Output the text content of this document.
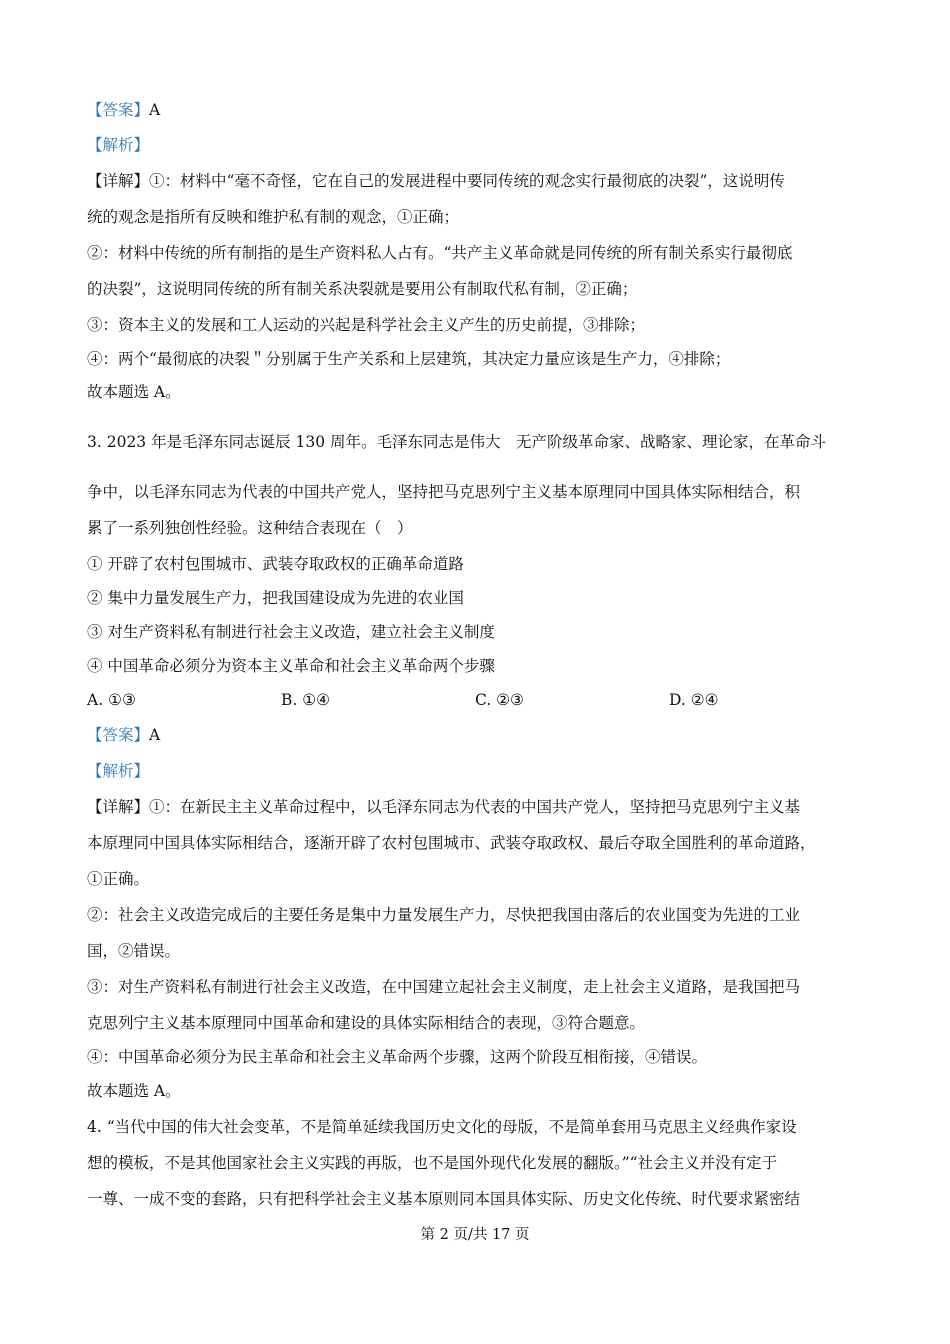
【答案】A
【解析】
【详解】①：材料中“毫不奇怪，它在自己的发展进程中要同传统的观念实行最彻底的决裂”，这说明传
统的观念是指所有反映和维护私有制的观念，①正确；
②：材料中传统的所有制指的是生产资料私人占有。“共产主义革命就是同传统的所有制关系实行最彻底
的决裂”，这说明同传统的所有制关系决裂就是要用公有制取代私有制，②正确；
③：资本主义的发展和工人运动的兴起是科学社会主义产生的历史前提，③排除；
④：两个“最彻底的决裂＂分别属于生产关系和上层建筑，其决定力量应该是生产力，④排除；
故本题选 A。
3. 2023 年是毛泽东同志诞辰 130 周年。毛泽东同志是伟大　无产阶级革命家、战略家、理论家，在革命斗
争中，以毛泽东同志为代表的中国共产党人，坚持把马克思列宁主义基本原理同中国具体实际相结合，积
累了一系列独创性经验。这种结合表现在（　）
① 开辟了农村包围城市、武装夺取政权的正确革命道路
② 集中力量发展生产力，把我国建设成为先进的农业国
③ 对生产资料私有制进行社会主义改造，建立社会主义制度
④ 中国革命必须分为资本主义革命和社会主义革命两个步骤
A. ①③	B. ①④	C. ②③	D. ②④
【答案】A
【解析】
【详解】①：在新民主主义革命过程中，以毛泽东同志为代表的中国共产党人，坚持把马克思列宁主义基
本原理同中国具体实际相结合，逐渐开辟了农村包围城市、武装夺取政权、最后夺取全国胜利的革命道路，
①正确。
②：社会主义改造完成后的主要任务是集中力量发展生产力，尽快把我国由落后的农业国变为先进的工业
国，②错误。
③：对生产资料私有制进行社会主义改造，在中国建立起社会主义制度，走上社会主义道路，是我国把马
克思列宁主义基本原理同中国革命和建设的具体实际相结合的表现，③符合题意。
④：中国革命必须分为民主革命和社会主义革命两个步骤，这两个阶段互相衔接，④错误。
故本题选 A。
4. “当代中国的伟大社会变革，不是简单延续我国历史文化的母版，不是简单套用马克思主义经典作家设
想的模板，不是其他国家社会主义实践的再版，也不是国外现代化发展的翻版。”“社会主义并没有定于
一尊、一成不变的套路，只有把科学社会主义基本原则同本国具体实际、历史文化传统、时代要求紧密结
第 2 页/共 17 页
